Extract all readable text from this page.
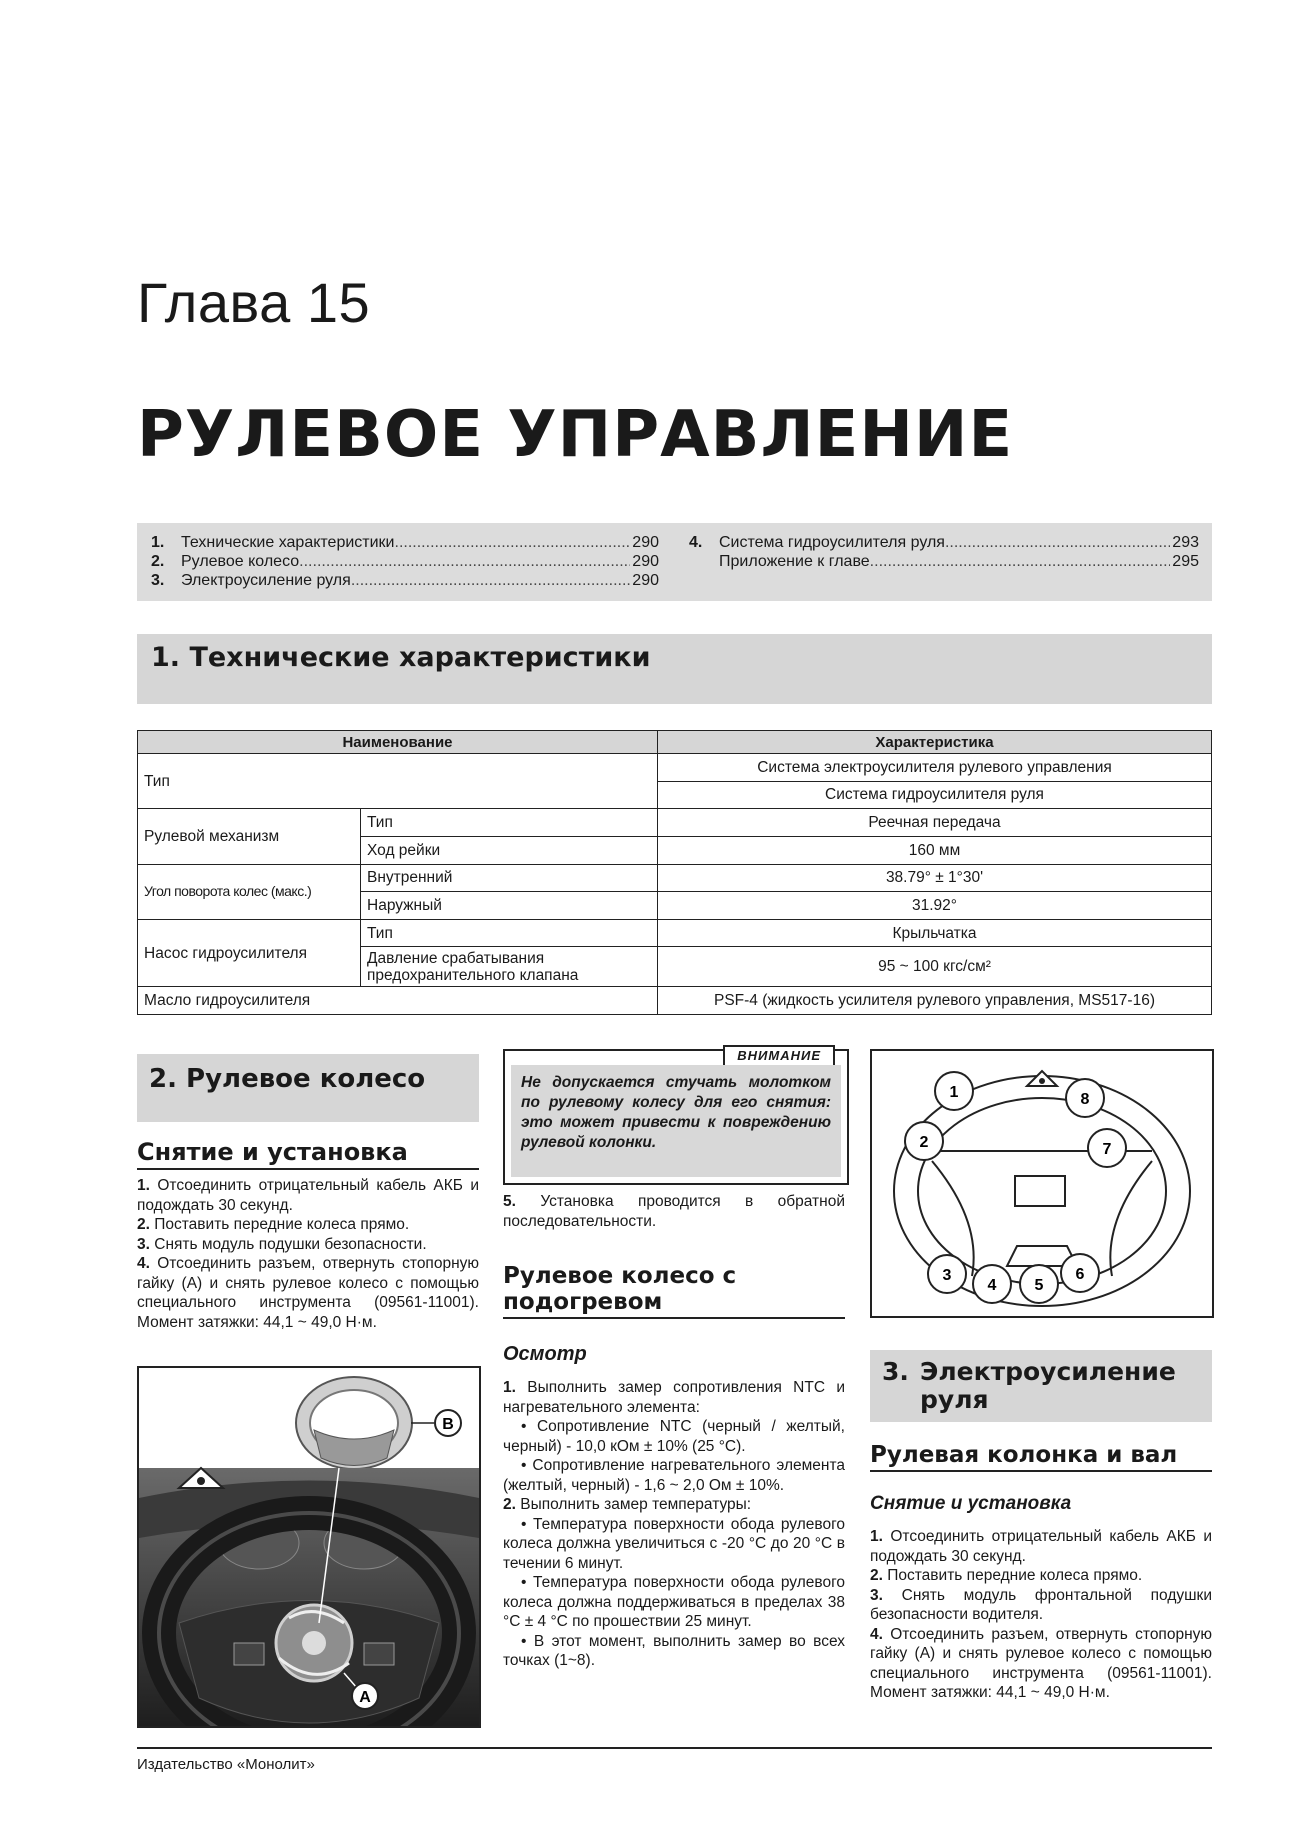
Глава 15
РУЛЕВОЕ УПРАВЛЕНИЕ
1.	Технические характеристики .....	290
2.	Рулевое колесо .....	290
3.	Электроусиление руля .....	290
4.	Система гидроусилителя руля .....	293
Приложение к главе .....	295
1. Технические характеристики
Наименование		Характеристика
Тип		Система электроусилителя рулевого управления
		Система гидроусилителя руля
Рулевой механизм	Тип	Реечная передача
	Ход рейки	160 мм
Угол поворота колес (макс.)	Внутренний	38.79° ± 1°30'
	Наружный	31.92°
Насос гидроусилителя	Тип	Крыльчатка
	Давление срабатывания предохранительного клапана	95 ~ 100 кгс/см²
Масло гидроусилителя		PSF-4 (жидкость усилителя рулевого управления, MS517-16)
2. Рулевое колесо
Снятие и установка
1. Отсоединить отрицательный кабель АКБ и подождать 30 секунд.
2. Поставить передние колеса прямо.
3. Снять модуль подушки безопасности.
4. Отсоединить разъем, отвернуть стопорную гайку (A) и снять рулевое колесо с помощью специального инструмента (09561-11001). Момент затяжки: 44,1 ~ 49,0 Н·м.
B
A
ВНИМАНИЕ
Не допускается стучать молотком по рулевому колесу для его снятия: это может привести к повреждению рулевой колонки.
5. Установка проводится в обратной последовательности.
Рулевое колесо с подогревом
Осмотр
1. Выполнить замер сопротивления NTC и нагревательного элемента:
• Сопротивление NTC (черный / желтый, черный) - 10,0 кОм ± 10% (25 °C).
• Сопротивление нагревательного элемента (желтый, черный) - 1,6 ~ 2,0 Ом ± 10%.
2. Выполнить замер температуры:
• Температура поверхности обода рулевого колеса должна увеличиться с -20 °C до 20 °C в течении 6 минут.
• Температура поверхности обода рулевого колеса должна поддерживаться в пределах 38 °C ± 4 °C по прошествии 25 минут.
• В этот момент, выполнить замер во всех точках (1~8).
1
2
3
4 5
6
7
8
3. Электроусиление руля
Рулевая колонка и вал
Снятие и установка
1. Отсоединить отрицательный кабель АКБ и подождать 30 секунд.
2. Поставить передние колеса прямо.
3. Снять модуль фронтальной подушки безопасности водителя.
4. Отсоединить разъем, отвернуть стопорную гайку (A) и снять рулевое колесо с помощью специального инструмента (09561-11001). Момент затяжки: 44,1 ~ 49,0 Н·м.
Издательство «Монолит»
